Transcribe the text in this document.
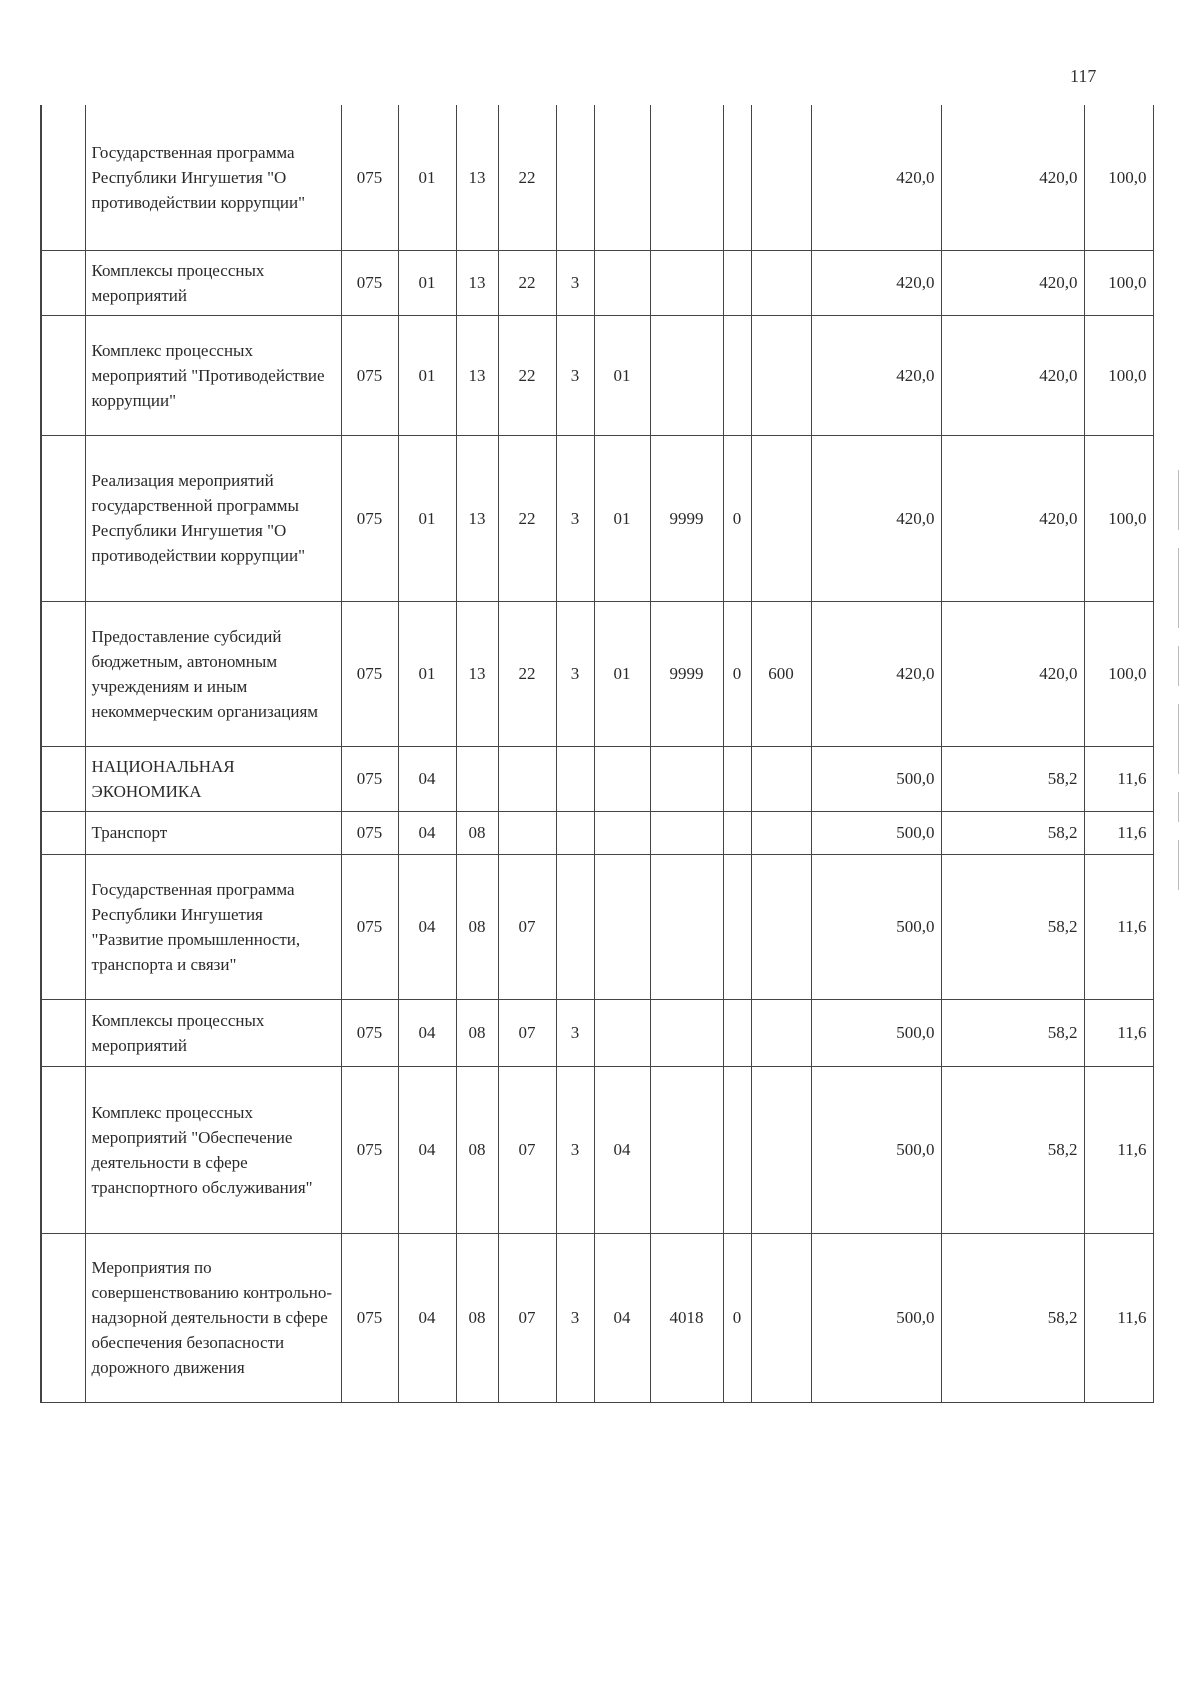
117
	Государственная программа Республики Ингушетия "О противодействии коррупции"	075	01	13	22						420,0	420,0	100,0
	Комплексы процессных мероприятий	075	01	13	22	3					420,0	420,0	100,0
	Комплекс процессных мероприятий "Противодействие коррупции"	075	01	13	22	3	01				420,0	420,0	100,0
	Реализация мероприятий государственной программы Республики Ингушетия "О противодействии коррупции"	075	01	13	22	3	01	9999	0		420,0	420,0	100,0
	Предоставление субсидий бюджетным, автономным учреждениям и иным некоммерческим организациям	075	01	13	22	3	01	9999	0	600	420,0	420,0	100,0
	НАЦИОНАЛЬНАЯ ЭКОНОМИКА	075	04								500,0	58,2	11,6
	Транспорт	075	04	08							500,0	58,2	11,6
	Государственная программа Республики Ингушетия "Развитие промышленности, транспорта и связи"	075	04	08	07						500,0	58,2	11,6
	Комплексы процессных мероприятий	075	04	08	07	3					500,0	58,2	11,6
	Комплекс процессных мероприятий "Обеспечение деятельности в сфере транспортного обслуживания"	075	04	08	07	3	04				500,0	58,2	11,6
	Мероприятия по совершенствованию контрольно-надзорной деятельности в сфере обеспечения безопасности дорожного движения	075	04	08	07	3	04	4018	0		500,0	58,2	11,6
